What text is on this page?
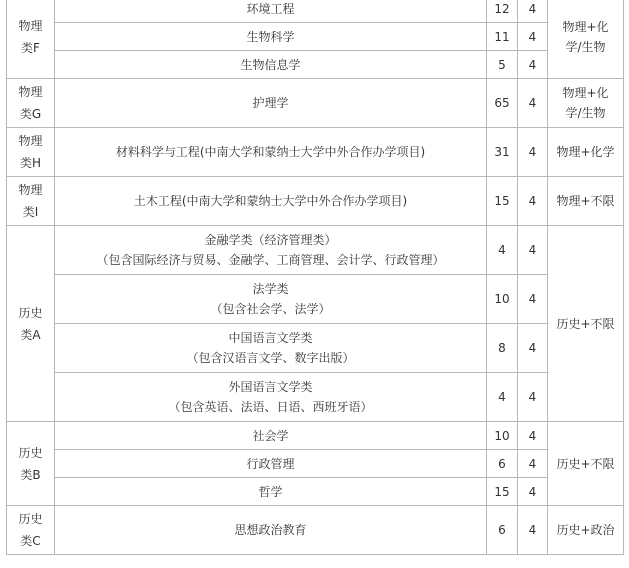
物理类F	环境工程	12	4	物理+化学/生物

	生物科学	11	4	

	生物信息学	5	4	

物理类G	护理学	65	4	物理+化学/生物

物理类H	材料科学与工程(中南大学和蒙纳士大学中外合作办学项目)	31	4	物理+化学

物理类I	土木工程(中南大学和蒙纳士大学中外合作办学项目)	15	4	物理+不限

历史类A	金融学类（经济管理类）
（包含国际经济与贸易、金融学、工商管理、会计学、行政管理）	4	4	历史+不限

	法学类
（包含社会学、法学）	10	4	

	中国语言文学类
（包含汉语言文学、数字出版）	8	4	

	外国语言文学类
（包含英语、法语、日语、西班牙语）	4	4	

历史类B	社会学	10	4	历史+不限

	行政管理	6	4	

	哲学	15	4	

历史类C	思想政治教育	6	4	历史+政治
